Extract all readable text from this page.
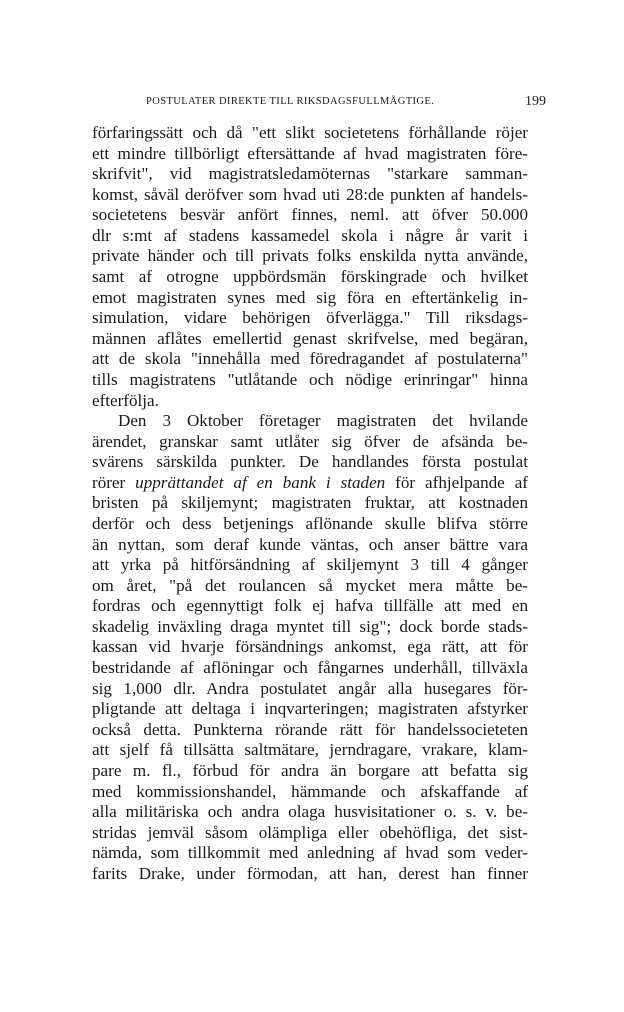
POSTULATER DIREKTE TILL RIKSDAGSFULLMÄGTIGE.	199
förfaringssätt och då "ett slikt societetens förhållande röjer
ett mindre tillbörligt eftersättande af hvad magistraten före-
skrifvit", vid magistratsledamöternas "starkare samman-
komst, såväl deröfver som hvad uti 28:de punkten af handels-
societetens besvär anfört finnes, neml. att öfver 50.000
dlr s:mt af stadens kassamedel skola i någre år varit i
private händer och till privats folks enskilda nytta använde,
samt af otrogne uppbördsmän förskingrade och hvilket
emot magistraten synes med sig föra en eftertänkelig in-
simulation, vidare behörigen öfverlägga." Till riksdags-
männen aflåtes emellertid genast skrifvelse, med begäran,
att de skola "innehålla med föredragandet af postulaterna"
tills magistratens "utlåtande och nödige erinringar" hinna
efterfölja.
Den 3 Oktober företager magistraten det hvilande
ärendet, granskar samt utlåter sig öfver de afsända be-
svärens särskilda punkter. De handlandes första postulat
rörer upprättandet af en bank i staden för afhjelpande af
bristen på skiljemynt; magistraten fruktar, att kostnaden
derför och dess betjenings aflönande skulle blifva större
än nyttan, som deraf kunde väntas, och anser bättre vara
att yrka på hitförsändning af skiljemynt 3 till 4 gånger
om året, "på det roulancen så mycket mera måtte be-
fordras och egennyttigt folk ej hafva tillfälle att med en
skadelig inväxling draga myntet till sig"; dock borde stads-
kassan vid hvarje försändnings ankomst, ega rätt, att för
bestridande af aflöningar och fångarnes underhåll, tillväxla
sig 1,000 dlr. Andra postulatet angår alla husegares för-
pligtande att deltaga i inqvarteringen; magistraten afstyrker
också detta. Punkterna rörande rätt för handelssocieteten
att sjelf få tillsätta saltmätare, jerndragare, vrakare, klam-
pare m. fl., förbud för andra än borgare att befatta sig
med kommissionshandel, hämmande och afskaffande af
alla militäriska och andra olaga husvisitationer o. s. v. be-
stridas jemväl såsom olämpliga eller obehöfliga, det sist-
nämda, som tillkommit med anledning af hvad som veder-
farits Drake, under förmodan, att han, derest han finner
